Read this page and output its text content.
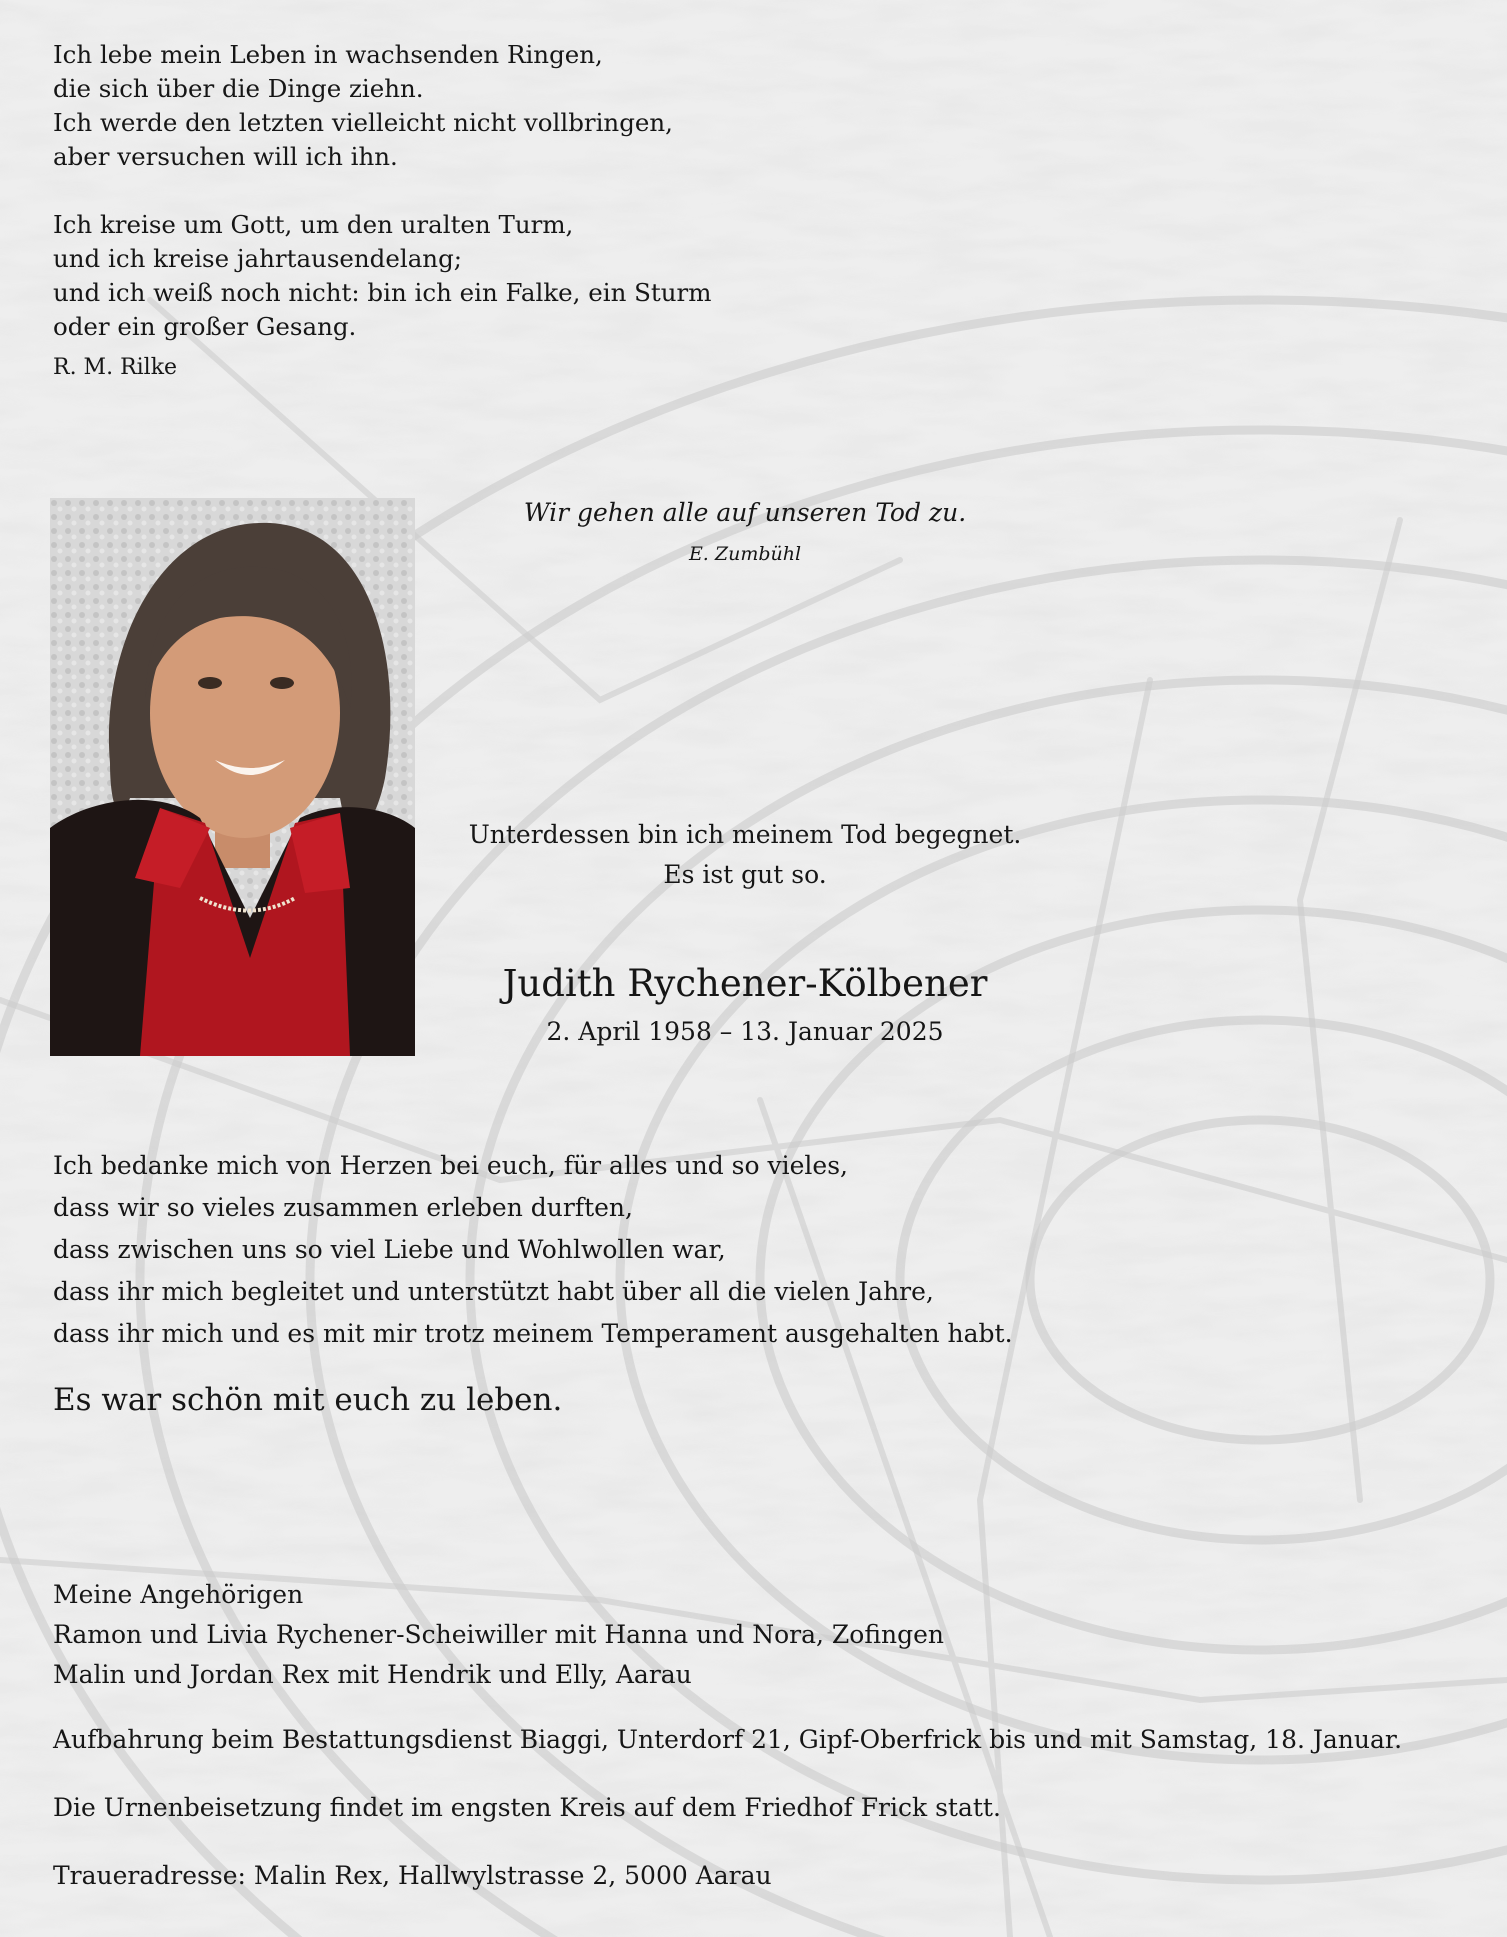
Ich lebe mein Leben in wachsenden Ringen,
die sich über die Dinge ziehn.
Ich werde den letzten vielleicht nicht vollbringen,
aber versuchen will ich ihn.
Ich kreise um Gott, um den uralten Turm,
und ich kreise jahrtausendelang;
und ich weiß noch nicht: bin ich ein Falke, ein Sturm
oder ein großer Gesang.
R. M. Rilke
Wir gehen alle auf unseren Tod zu.
E. Zumbühl
Unterdessen bin ich meinem Tod begegnet.
Es ist gut so.
Judith Rychener-Kölbener
2. April 1958 – 13. Januar 2025
Ich bedanke mich von Herzen bei euch, für alles und so vieles,
dass wir so vieles zusammen erleben durften,
dass zwischen uns so viel Liebe und Wohlwollen war,
dass ihr mich begleitet und unterstützt habt über all die vielen Jahre,
dass ihr mich und es mit mir trotz meinem Temperament ausgehalten habt.
Es war schön mit euch zu leben.
Meine Angehörigen
Ramon und Livia Rychener-Scheiwiller mit Hanna und Nora, Zofingen
Malin und Jordan Rex mit Hendrik und Elly, Aarau
Aufbahrung beim Bestattungsdienst Biaggi, Unterdorf 21, Gipf-Oberfrick bis und mit Samstag, 18. Januar.
Die Urnenbeisetzung findet im engsten Kreis auf dem Friedhof Frick statt.
Traueradresse: Malin Rex, Hallwylstrasse 2, 5000 Aarau
